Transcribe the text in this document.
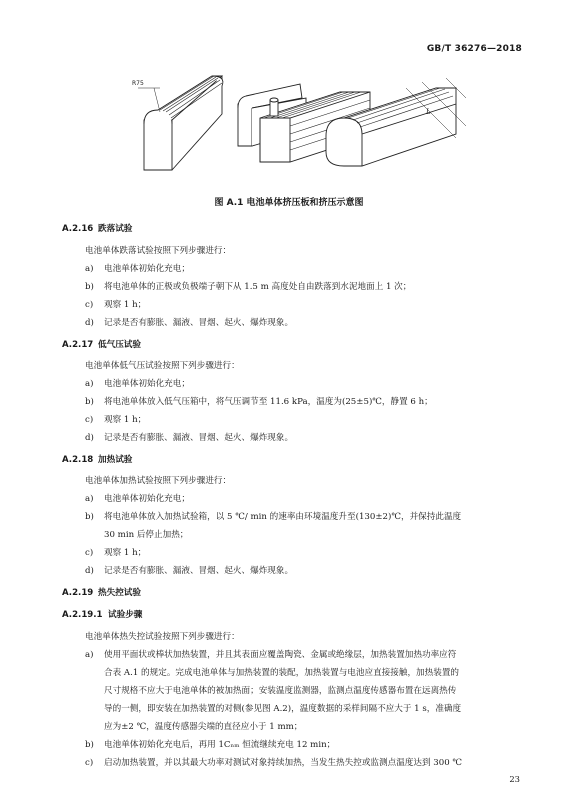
GB/T 36276—2018
R75
L
图 A.1 电池单体挤压板和挤压示意图
A.2.16 跌落试验
电池单体跌落试验按照下列步骤进行：
a) 电池单体初始化充电；
b) 将电池单体的正极或负极端子朝下从 1.5 m 高度处自由跌落到水泥地面上 1 次；
c) 观察 1 h；
d) 记录是否有膨胀、漏液、冒烟、起火、爆炸现象。
A.2.17 低气压试验
电池单体低气压试验按照下列步骤进行：
a) 电池单体初始化充电；
b) 将电池单体放入低气压箱中，将气压调节至 11.6 kPa，温度为(25±5)℃，静置 6 h；
c) 观察 1 h；
d) 记录是否有膨胀、漏液、冒烟、起火、爆炸现象。
A.2.18 加热试验
电池单体加热试验按照下列步骤进行：
a) 电池单体初始化充电；
b) 将电池单体放入加热试验箱，以 5 ℃/ min 的速率由环境温度升至(130±2)℃，并保持此温度
30 min 后停止加热；
c) 观察 1 h；
d) 记录是否有膨胀、漏液、冒烟、起火、爆炸现象。
A.2.19 热失控试验
A.2.19.1 试验步骤
电池单体热失控试验按照下列步骤进行：
a) 使用平面状或棒状加热装置，并且其表面应覆盖陶瓷、金属或绝缘层，加热装置加热功率应符
合表 A.1 的规定。完成电池单体与加热装置的装配，加热装置与电池应直接接触，加热装置的
尺寸规格不应大于电池单体的被加热面；安装温度监测器，监测点温度传感器布置在远离热传
导的一侧，即安装在加热装置的对侧(参见图 A.2)，温度数据的采样间隔不应大于 1 s，准确度
应为±2 ℃，温度传感器尖端的直径应小于 1 mm；
b) 电池单体初始化充电后，再用 1Cₙₘ 恒流继续充电 12 min；
c) 启动加热装置，并以其最大功率对测试对象持续加热，当发生热失控或监测点温度达到 300 ℃
23
